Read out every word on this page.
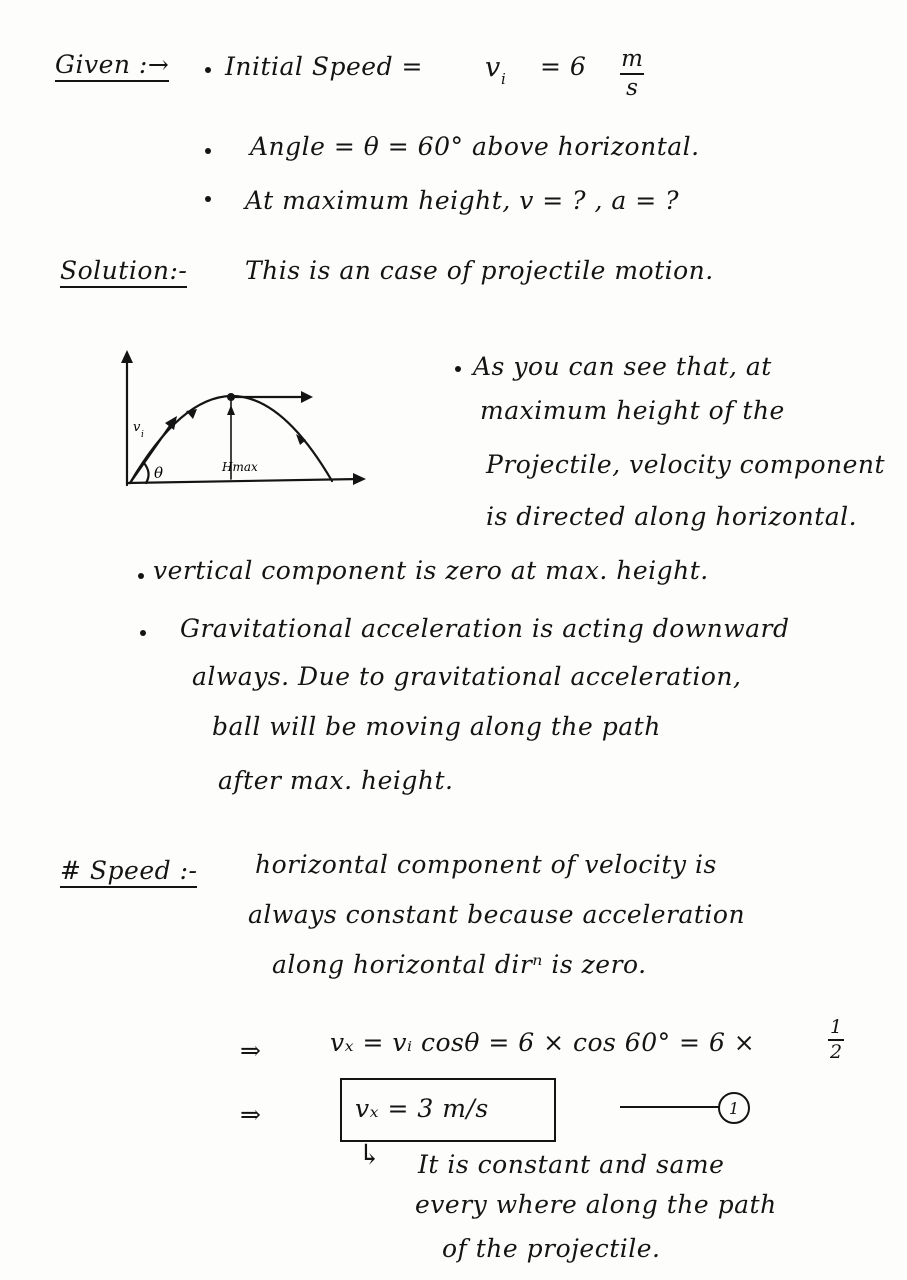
Given :→ Initial Speed = v i = 6 m
s
Angle = θ = 60° above horizontal.
At maximum height, v = ? , a = ?
Solution:- This is an case of projectile motion.
v i
θ	Hmax
As you can see that, at
maximum height of the
Projectile, velocity component
is directed along horizontal.
vertical component is zero at max. height.
Gravitational acceleration is acting downward
always. Due to gravitational acceleration,
ball will be moving along the path
after max. height.
# Speed :- horizontal component of velocity is
always constant because acceleration
along horizontal dirⁿ is zero.
⇒	vₓ = vᵢ cosθ = 6 × cos 60° = 6 ×
1
2
⇒	vₓ = 3 m/s	1
↳ It is constant and same
every where along the path
of the projectile.
